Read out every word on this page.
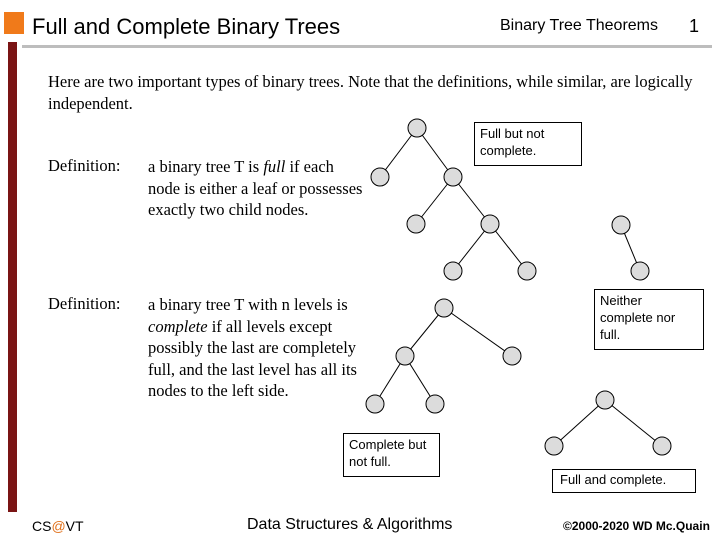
Full and Complete Binary Trees	Binary Tree Theorems 1
Here are two important types of binary trees. Note that the definitions, while similar, are logically independent.
Definition: a binary tree T is full if each node is either a leaf or possesses exactly two child nodes.
Definition: a binary tree T with n levels is complete if all levels except possibly the last are completely full, and the last level has all its nodes to the left side.
Full but not complete.
Neither complete nor full.
Complete but not full.
Full and complete.
CS@VT	Data Structures & Algorithms	©2000-2020 WD Mc.Quain
